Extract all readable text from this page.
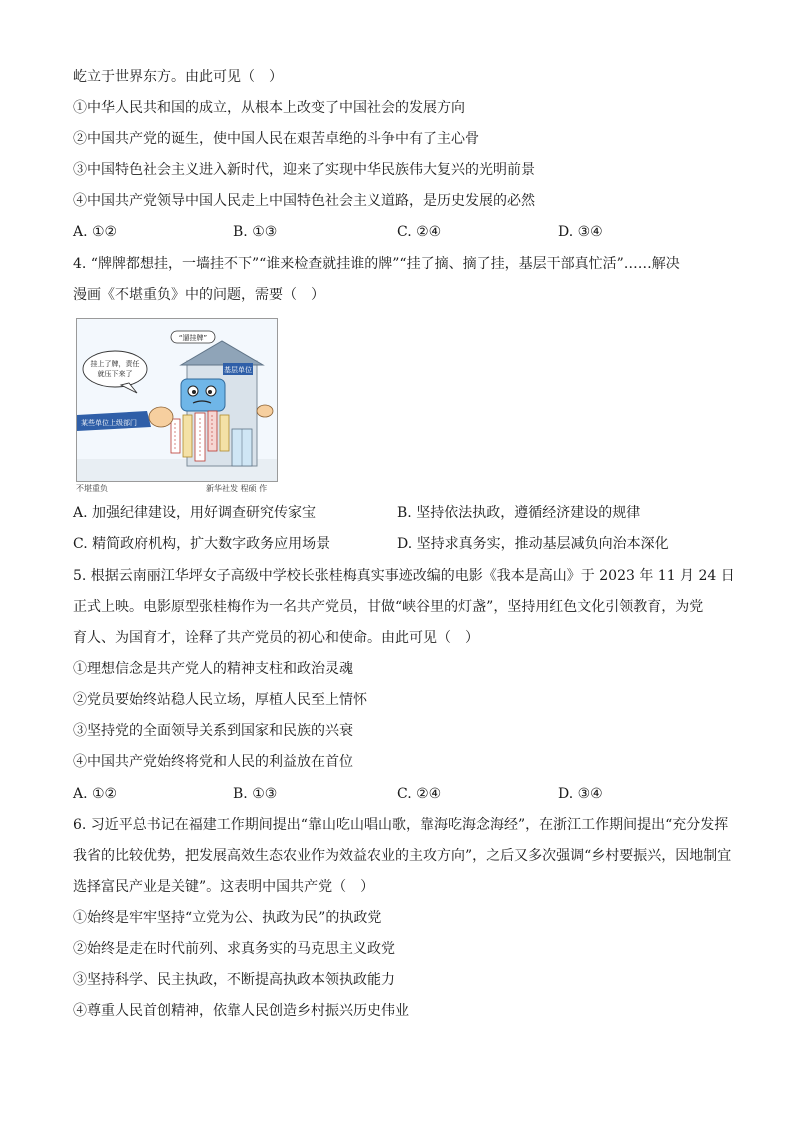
屹立于世界东方。由此可见（　）
①中华人民共和国的成立，从根本上改变了中国社会的发展方向
②中国共产党的诞生，使中国人民在艰苦卓绝的斗争中有了主心骨
③中国特色社会主义进入新时代，迎来了实现中华民族伟大复兴的光明前景
④中国共产党领导中国人民走上中国特色社会主义道路，是历史发展的必然
A. ①②	B. ①③	C. ②④	D. ③④
4. “牌牌都想挂，一墙挂不下”“谁来检查就挂谁的牌”“挂了摘、摘了挂，基层干部真忙活”……解决
漫画《不堪重负》中的问题，需要（　）
基层单位
某些单位上级部门
“遛挂牌”
挂上了牌，责任
就压下来了
不堪重负	新华社发 程硕 作
A. 加强纪律建设，用好调查研究传家宝	B. 坚持依法执政，遵循经济建设的规律
C. 精简政府机构，扩大数字政务应用场景	D. 坚持求真务实，推动基层减负向治本深化
5. 根据云南丽江华坪女子高级中学校长张桂梅真实事迹改编的电影《我本是高山》于 2023 年 11 月 24 日
正式上映。电影原型张桂梅作为一名共产党员，甘做“峡谷里的灯盏”，坚持用红色文化引领教育，为党
育人、为国育才，诠释了共产党员的初心和使命。由此可见（　）
①理想信念是共产党人的精神支柱和政治灵魂
②党员要始终站稳人民立场，厚植人民至上情怀
③坚持党的全面领导关系到国家和民族的兴衰
④中国共产党始终将党和人民的利益放在首位
A. ①②	B. ①③	C. ②④	D. ③④
6. 习近平总书记在福建工作期间提出“靠山吃山唱山歌，靠海吃海念海经”，在浙江工作期间提出“充分发挥
我省的比较优势，把发展高效生态农业作为效益农业的主攻方向”，之后又多次强调“乡村要振兴，因地制宜
选择富民产业是关键”。这表明中国共产党（　）
①始终是牢牢坚持“立党为公、执政为民”的执政党
②始终是走在时代前列、求真务实的马克思主义政党
③坚持科学、民主执政，不断提高执政本领执政能力
④尊重人民首创精神，依靠人民创造乡村振兴历史伟业
